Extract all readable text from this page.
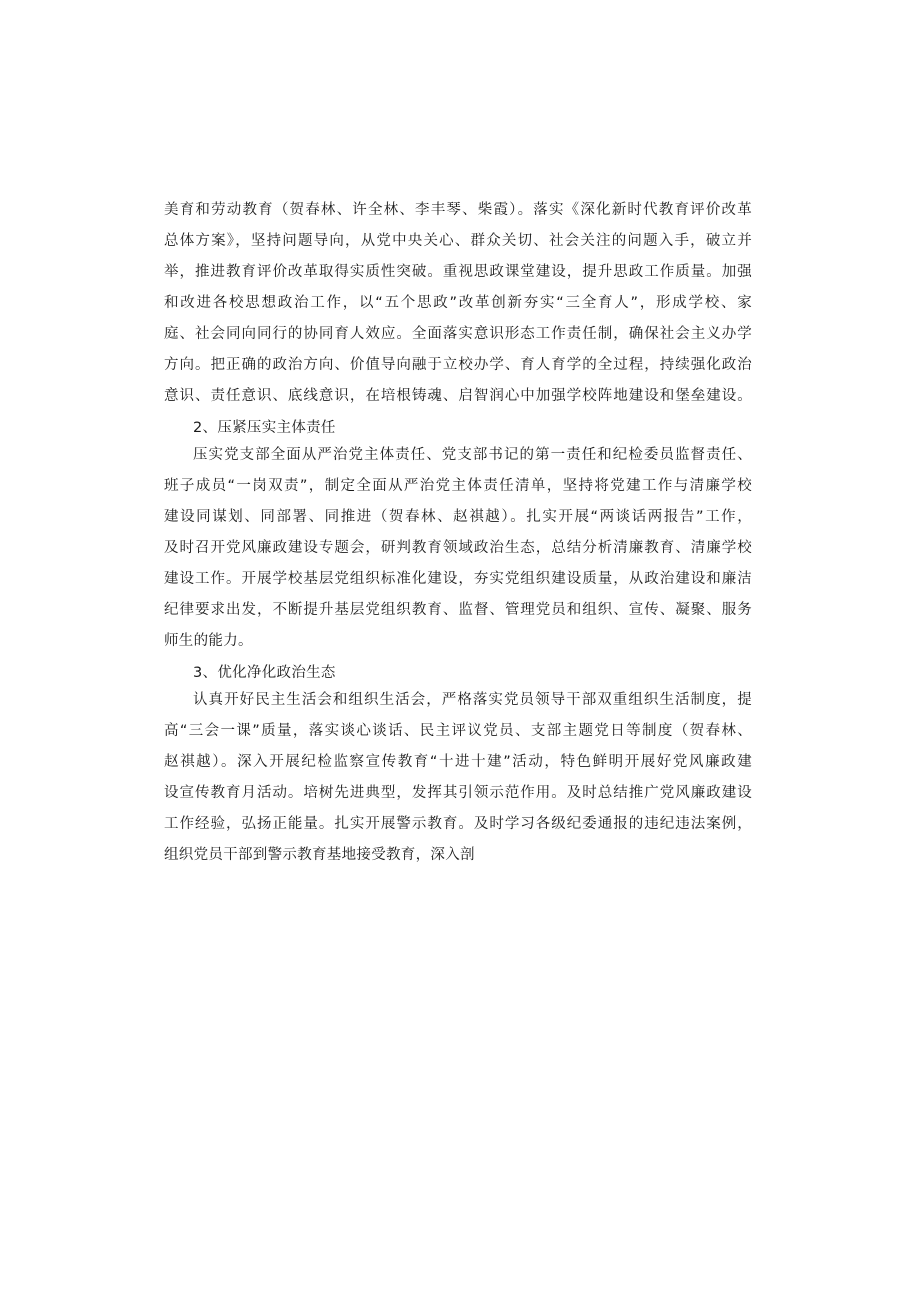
美育和劳动教育（贺春林、许全林、李丰琴、柴霞）。落实《深化新时代教育评价改革
总体方案》，坚持问题导向，从党中央关心、群众关切、社会关注的问题入手，破立并
举，推进教育评价改革取得实质性突破。重视思政课堂建设，提升思政工作质量。加强
和改进各校思想政治工作，以“五个思政”改革创新夯实“三全育人”，形成学校、家
庭、社会同向同行的协同育人效应。全面落实意识形态工作责任制，确保社会主义办学
方向。把正确的政治方向、价值导向融于立校办学、育人育学的全过程，持续强化政治
意识、责任意识、底线意识，在培根铸魂、启智润心中加强学校阵地建设和堡垒建设。
2、压紧压实主体责任
压实党支部全面从严治党主体责任、党支部书记的第一责任和纪检委员监督责任、
班子成员“一岗双责”，制定全面从严治党主体责任清单，坚持将党建工作与清廉学校
建设同谋划、同部署、同推进（贺春林、赵祺越）。扎实开展“两谈话两报告”工作，
及时召开党风廉政建设专题会，研判教育领域政治生态，总结分析清廉教育、清廉学校
建设工作。开展学校基层党组织标准化建设，夯实党组织建设质量，从政治建设和廉洁
纪律要求出发，不断提升基层党组织教育、监督、管理党员和组织、宣传、凝聚、服务
师生的能力。
3、优化净化政治生态
认真开好民主生活会和组织生活会，严格落实党员领导干部双重组织生活制度，提
高“三会一课”质量，落实谈心谈话、民主评议党员、支部主题党日等制度（贺春林、
赵祺越）。深入开展纪检监察宣传教育“十进十建”活动，特色鲜明开展好党风廉政建
设宣传教育月活动。培树先进典型，发挥其引领示范作用。及时总结推广党风廉政建设
工作经验，弘扬正能量。扎实开展警示教育。及时学习各级纪委通报的违纪违法案例，
组织党员干部到警示教育基地接受教育，深入剖
